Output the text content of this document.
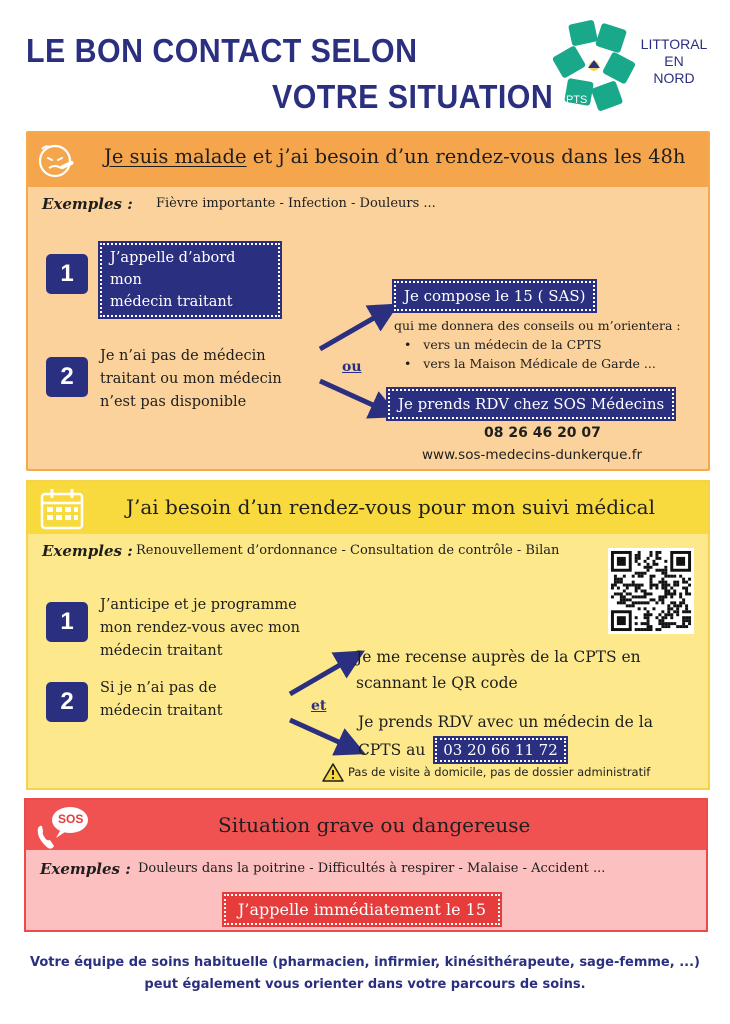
LE BON CONTACT SELON
VOTRE SITUATION CPTS
LITTORAL
EN
NORD
Je suis malade et j’ai besoin d’un rendez-vous dans les 48h
Exemples : Fièvre importante - Infection - Douleurs ...
1
J’appelle d’abord mon
médecin traitant
2
Je n’ai pas de médecin
traitant ou mon médecin
n’est pas disponible
ou
Je compose le 15 ( SAS)
qui me donnera des conseils ou m’orientera :
•   vers un médecin de la CPTS
•   vers la Maison Médicale de Garde ...
Je prends RDV chez SOS Médecins
08 26 46 20 07
www.sos-medecins-dunkerque.fr
J’ai besoin d’un rendez-vous pour mon suivi médical
Exemples : Renouvellement d’ordonnance - Consultation de contrôle - Bilan
1
J’anticipe et je programme
mon rendez-vous avec mon
médecin traitant
2	Si je n’ai pas de
médecin traitant	et
Je me recense auprès de la CPTS en
scannant le QR code
Je prends RDV avec un médecin de la
CPTS au 03 20 66 11 72
Pas de visite à domicile, pas de dossier administratif
SOS	Situation grave ou dangereuse
Exemples : Douleurs dans la poitrine - Difficultés à respirer - Malaise - Accident ...
J’appelle immédiatement le 15
Votre équipe de soins habituelle (pharmacien, infirmier, kinésithérapeute, sage-femme, ...)
peut également vous orienter dans votre parcours de soins.
